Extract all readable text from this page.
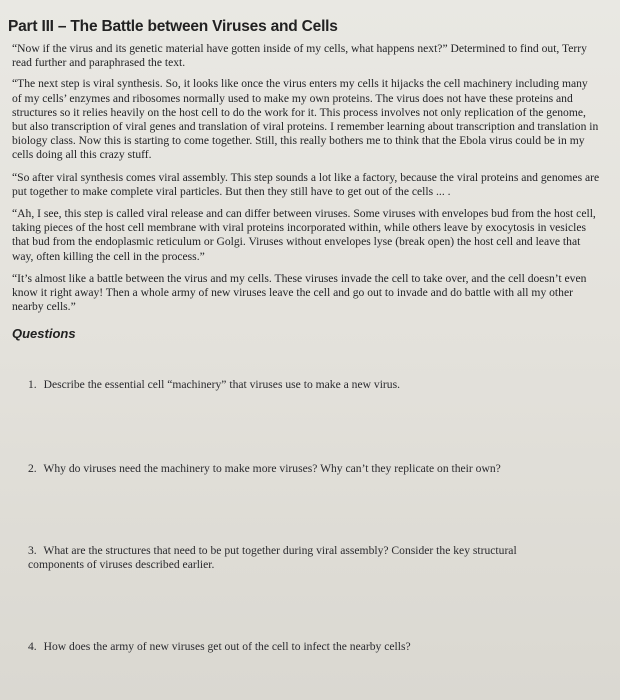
Part III – The Battle between Viruses and Cells

“Now if the virus and its genetic material have gotten inside of my cells, what happens next?” Determined to find out, Terry read further and paraphrased the text.

“The next step is viral synthesis. So, it looks like once the virus enters my cells it hijacks the cell machinery including many of my cells’ enzymes and ribosomes normally used to make my own proteins. The virus does not have these proteins and structures so it relies heavily on the host cell to do the work for it. This process involves not only replication of the genome, but also transcription of viral genes and translation of viral proteins. I remember learning about transcription and translation in biology class. Now this is starting to come together. Still, this really bothers me to think that the Ebola virus could be in my cells doing all this crazy stuff.

“So after viral synthesis comes viral assembly. This step sounds a lot like a factory, because the viral proteins and genomes are put together to make complete viral particles. But then they still have to get out of the cells ... .

“Ah, I see, this step is called viral release and can differ between viruses. Some viruses with envelopes bud from the host cell, taking pieces of the host cell membrane with viral proteins incorporated within, while others leave by exocytosis in vesicles that bud from the endoplasmic reticulum or Golgi. Viruses without envelopes lyse (break open) the host cell and leave that way, often killing the cell in the process.”

“It’s almost like a battle between the virus and my cells. These viruses invade the cell to take over, and the cell doesn’t even know it right away! Then a whole army of new viruses leave the cell and go out to invade and do battle with all my other nearby cells.”

Questions
1. Describe the essential cell “machinery” that viruses use to make a new virus.
2. Why do viruses need the machinery to make more viruses? Why can’t they replicate on their own?
3. What are the structures that need to be put together during viral assembly? Consider the key structural components of viruses described earlier.
4. How does the army of new viruses get out of the cell to infect the nearby cells?
